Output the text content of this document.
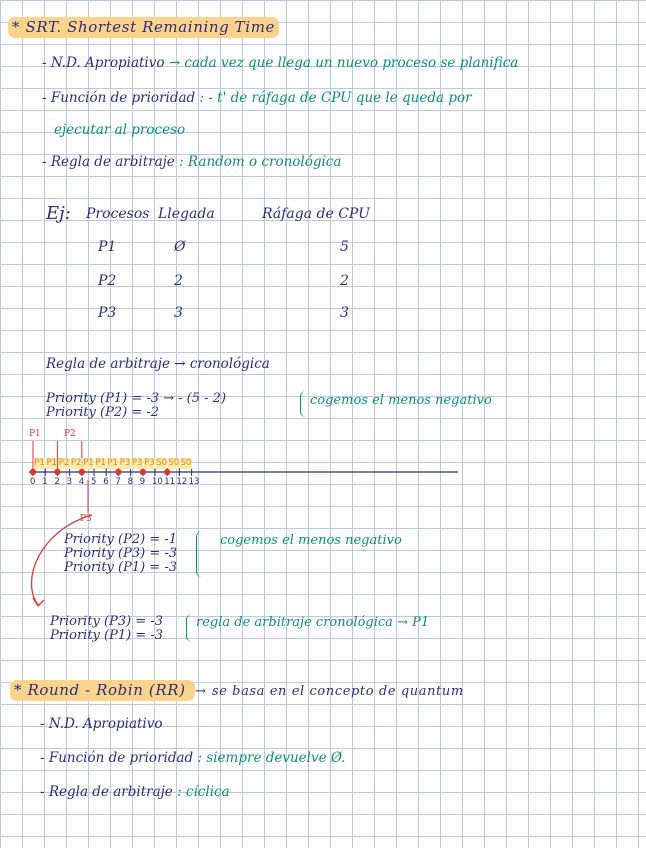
* SRT. Shortest Remaining Time
- N.D. Apropiativo → cada vez que llega un nuevo proceso se planifica
- Función de prioridad : - t' de ráfaga de CPU que le queda por
ejecutar al proceso
- Regla de arbitraje : Random o cronológica
Ej: Procesos Llegada	Ráfaga de CPU
P1	Ø	5
P2	2	2
P3	3	3
Regla de arbitraje → cronológica
Priority (P1) = -3 → - (5 - 2)
Priority (P2) = -2
cogemos el menos negativo
P1	P2
P3
P1 P1 P2 P2 P1 P1 P1 P3 P3 P3 S0 S0 S0
0 1 2 3 4 5 6 7 8 9 10 11 12 13
Priority (P2) = -1
Priority (P3) = -3
Priority (P1) = -3
cogemos el menos negativo
Priority (P3) = -3
Priority (P1) = -3
regla de arbitraje cronológica → P1
* Round - Robin (RR) → se basa en el concepto de quantum
- N.D. Apropiativo
- Función de prioridad : siempre devuelve Ø.
- Regla de arbitraje : cíclica
